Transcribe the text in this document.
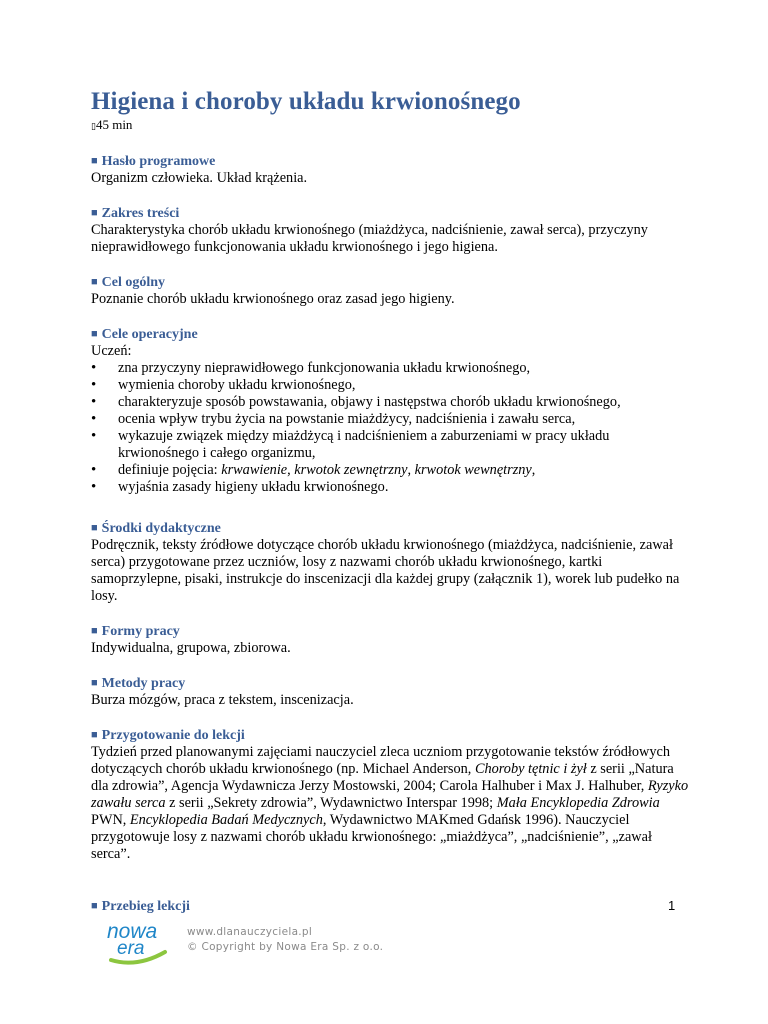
Higiena i choroby układu krwionośnego
▯45 min
■ Hasło programowe
Organizm człowieka. Układ krążenia.
■ Zakres treści
Charakterystyka chorób układu krwionośnego (miażdżyca, nadciśnienie, zawał serca), przyczyny nieprawidłowego funkcjonowania układu krwionośnego i jego higiena.
■ Cel ogólny
Poznanie chorób układu krwionośnego oraz zasad jego higieny.
■ Cele operacyjne
Uczeń:
• zna przyczyny nieprawidłowego funkcjonowania układu krwionośnego,
• wymienia choroby układu krwionośnego,
• charakteryzuje sposób powstawania, objawy i następstwa chorób układu krwionośnego,
• ocenia wpływ trybu życia na powstanie miażdżycy, nadciśnienia i zawału serca,
• wykazuje związek między miażdżycą i nadciśnieniem a zaburzeniami w pracy układu krwionośnego i całego organizmu,
• definiuje pojęcia: krwawienie, krwotok zewnętrzny, krwotok wewnętrzny,
• wyjaśnia zasady higieny układu krwionośnego.
■ Środki dydaktyczne
Podręcznik, teksty źródłowe dotyczące chorób układu krwionośnego (miażdżyca, nadciśnienie, zawał serca) przygotowane przez uczniów, losy z nazwami chorób układu krwionośnego, kartki samoprzylepne, pisaki, instrukcje do inscenizacji dla każdej grupy (załącznik 1), worek lub pudełko na losy.
■ Formy pracy
Indywidualna, grupowa, zbiorowa.
■ Metody pracy
Burza mózgów, praca z tekstem, inscenizacja.
■ Przygotowanie do lekcji
Tydzień przed planowanymi zajęciami nauczyciel zleca uczniom przygotowanie tekstów źródłowych dotyczących chorób układu krwionośnego (np. Michael Anderson, Choroby tętnic i żył z serii „Natura dla zdrowia”, Agencja Wydawnicza Jerzy Mostowski, 2004; Carola Halhuber i Max J. Halhuber, Ryzyko zawału serca z serii „Sekrety zdrowia”, Wydawnictwo Interspar 1998; Mała Encyklopedia Zdrowia PWN, Encyklopedia Badań Medycznych, Wydawnictwo MAKmed Gdańsk 1996). Nauczyciel przygotowuje losy z nazwami chorób układu krwionośnego: „miażdżyca”, „nadciśnienie”, „zawał serca”.
■ Przebieg lekcji	1
nowa
era
www.dlanauczyciela.pl
© Copyright by Nowa Era Sp. z o.o.
